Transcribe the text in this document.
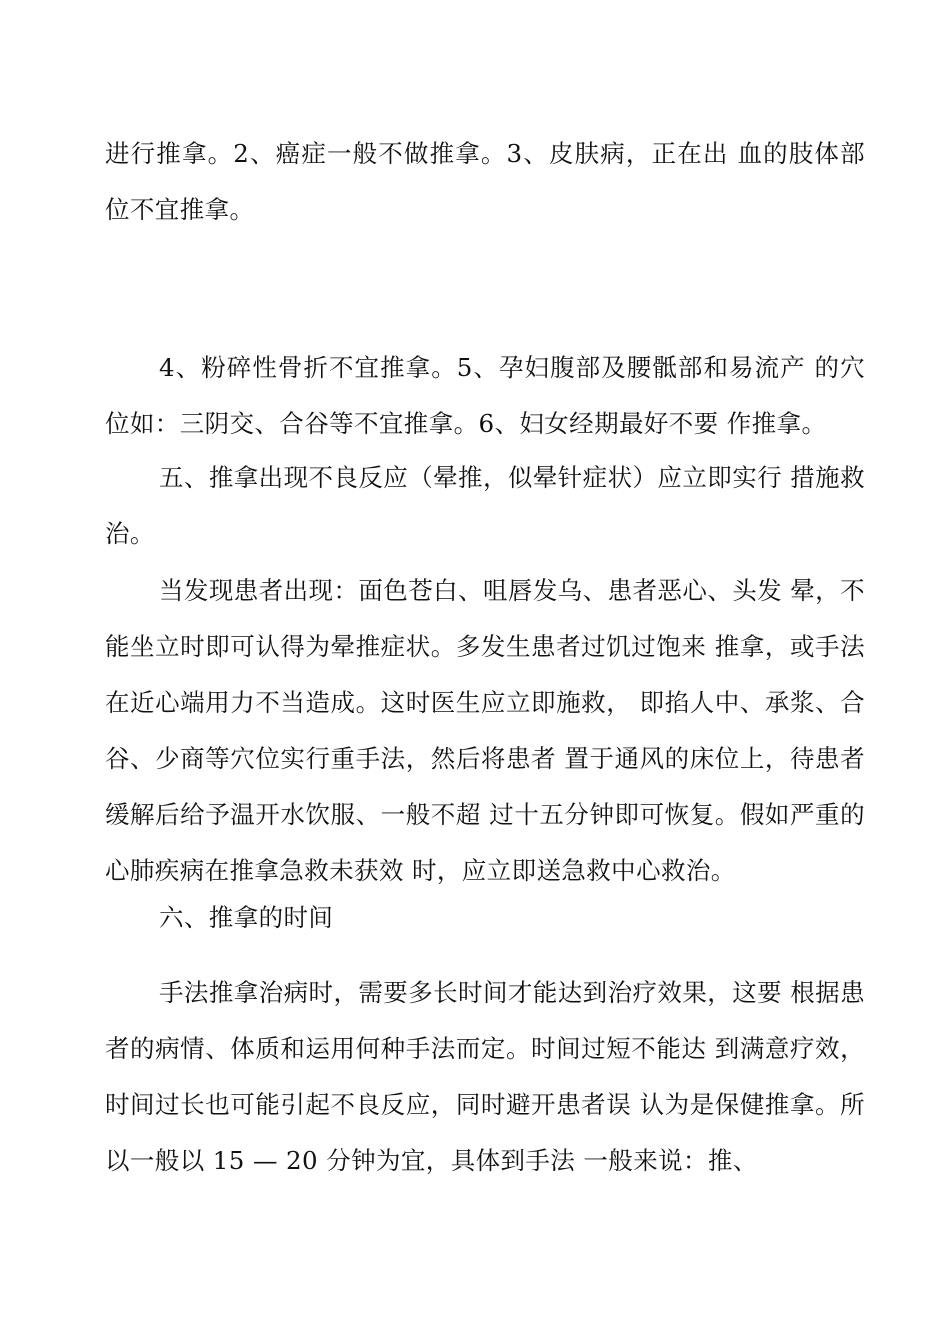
进行推拿。2、癌症一般不做推拿。3、皮肤病，正在出 血的肢体部位不宜推拿。

4、粉碎性骨折不宜推拿。5、孕妇腹部及腰骶部和易流产 的穴位如：三阴交、合谷等不宜推拿。6、妇女经期最好不要 作推拿。

五、推拿出现不良反应（晕推，似晕针症状）应立即实行 措施救治。

当发现患者出现：面色苍白、咀唇发乌、患者恶心、头发 晕，不能坐立时即可认得为晕推症状。多发生患者过饥过饱来 推拿，或手法在近心端用力不当造成。这时医生应立即施救， 即掐人中、承浆、合谷、少商等穴位实行重手法，然后将患者 置于通风的床位上，待患者缓解后给予温开水饮服、一般不超 过十五分钟即可恢复。假如严重的心肺疾病在推拿急救未获效 时，应立即送急救中心救治。

六、推拿的时间

手法推拿治病时，需要多长时间才能达到治疗效果，这要 根据患者的病情、体质和运用何种手法而定。时间过短不能达 到满意疗效，时间过长也可能引起不良反应，同时避开患者误 认为是保健推拿。所以一般以 15 — 20 分钟为宜，具体到手法 一般来说：推、
